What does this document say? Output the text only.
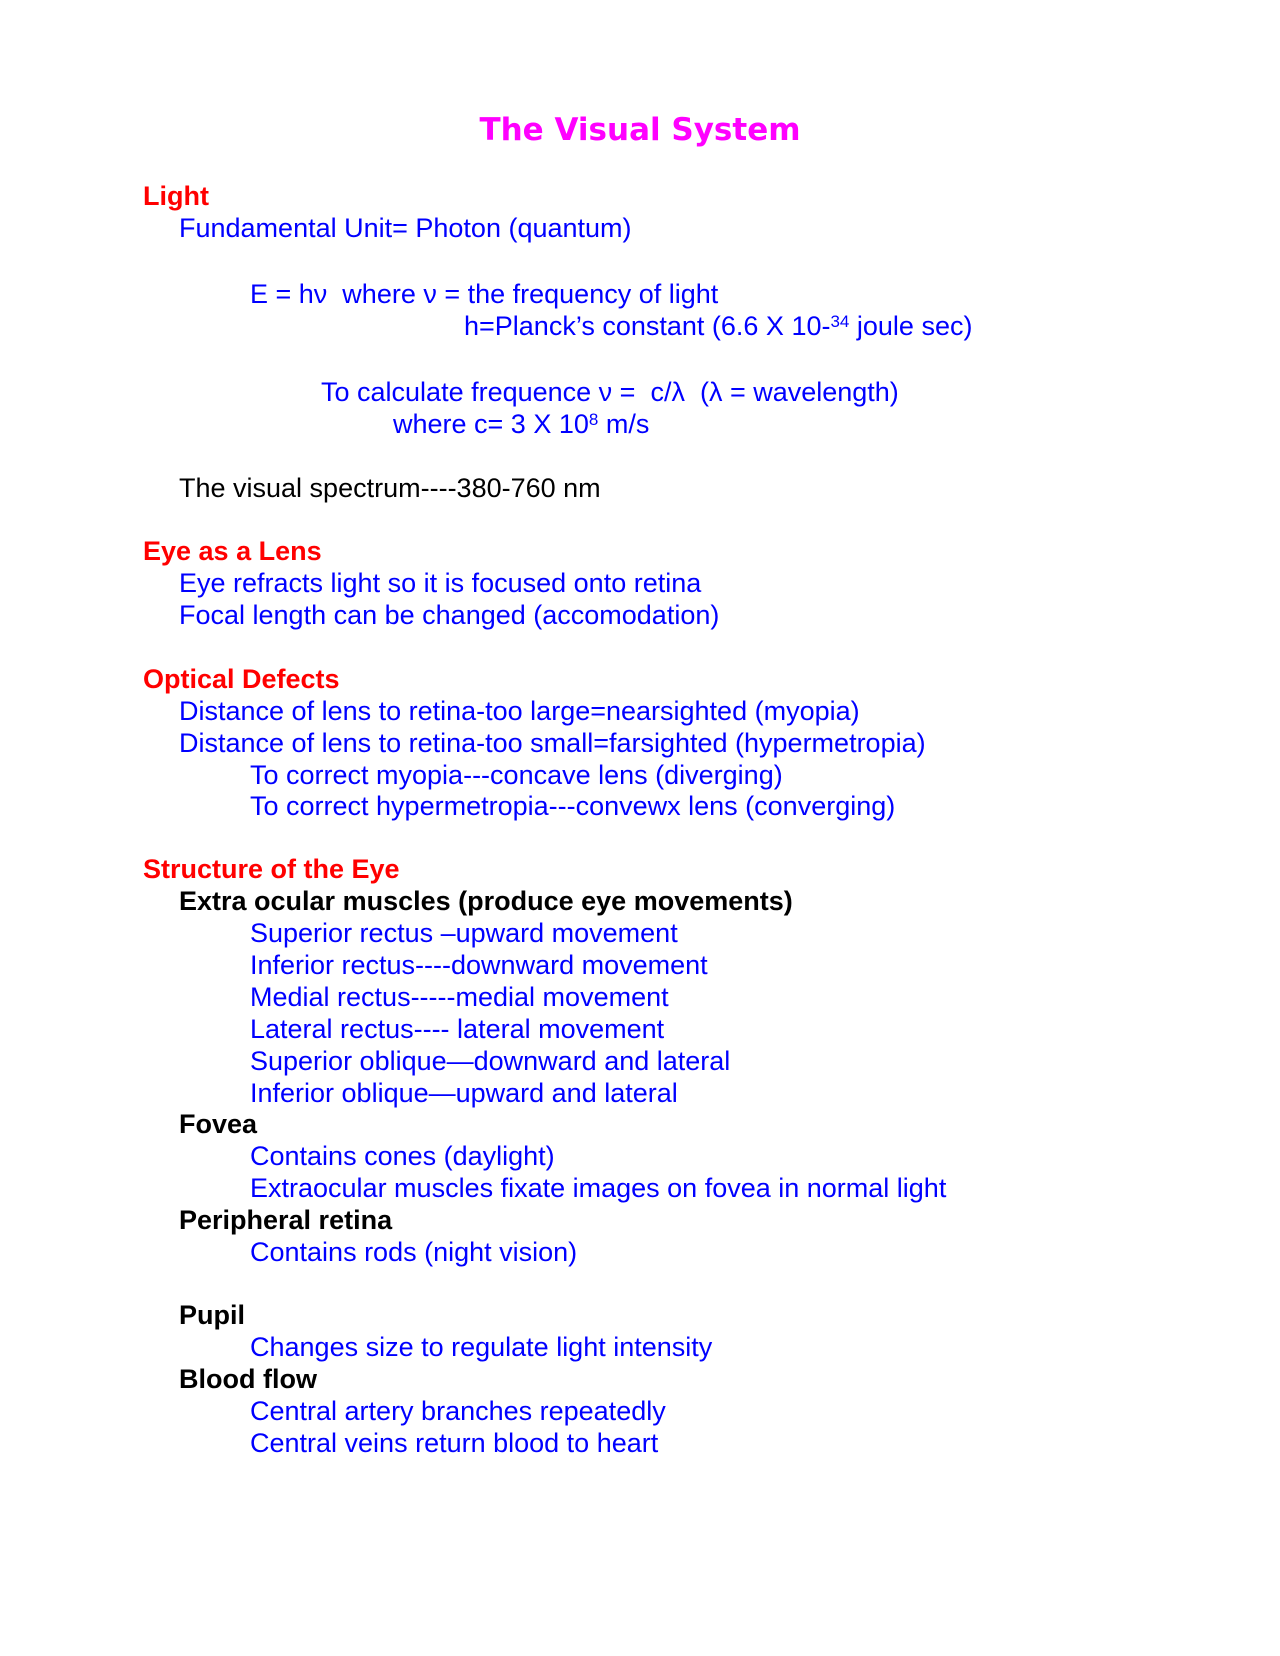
The Visual System
Light
Fundamental Unit= Photon (quantum)
E = hν  where ν = the frequency of light
h=Planck’s constant (6.6 X 10-$^{34}$ joule sec)
To calculate frequence ν =  c/λ  (λ = wavelength)
where c= 3 X $10^8$ m/s
The visual spectrum----380-760 nm
Eye as a Lens
Eye refracts light so it is focused onto retina
Focal length can be changed (accomodation)
Optical Defects
Distance of lens to retina-too large=nearsighted (myopia)
Distance of lens to retina-too small=farsighted (hypermetropia)
To correct myopia---concave lens (diverging)
To correct hypermetropia---convewx lens (converging)
Structure of the Eye
Extra ocular muscles (produce eye movements)
Superior rectus –upward movement
Inferior rectus----downward movement
Medial rectus-----medial movement
Lateral rectus---- lateral movement
Superior oblique—downward and lateral
Inferior oblique—upward and lateral
Fovea
Contains cones (daylight)
Extraocular muscles fixate images on fovea in normal light
Peripheral retina
Contains rods (night vision)
Pupil
Changes size to regulate light intensity
Blood flow
Central artery branches repeatedly
Central veins return blood to heart
